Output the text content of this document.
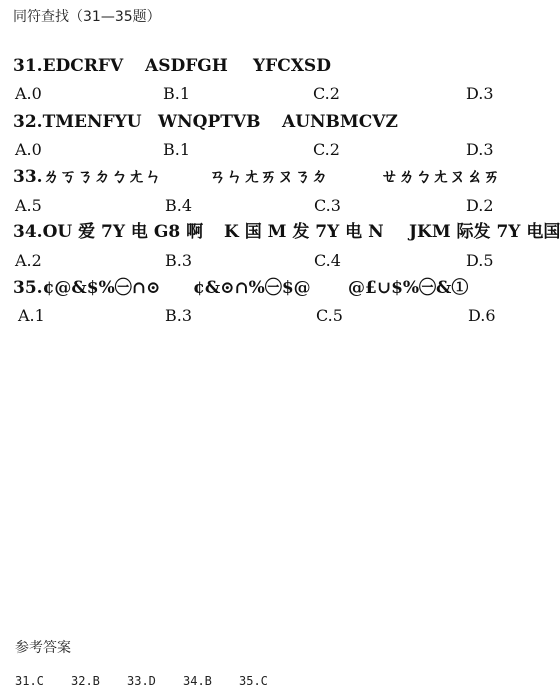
同符查找（31—35题）
31.EDCRFV ASDFGH YFCXSD
A.0	B.1	C.2	D.3
32.TMENFYU WNQPTVB AUNBMCVZ
A.0	B.1	C.2	D.3
33.ㄌㄎㄋㄉㄅㄤㄣ	ㄢㄣㄤㄞㄡㄋㄉ	ㄝㄌㄅㄤㄡㄠㄞ
A.5	B.4	C.3	D.2
34.OU 爱 7Y 电 G8 啊 K 国 M 发 7Y 电 N JKM 际发 7Y 电国
A.2	B.3	C.4	D.5
35.¢@&$%㊀∩⊙ ¢&⊙∩%㊀$@ @£∪$%㊀&①
A.1	B.3	C.5	D.6
参考答案
31.C 32.B 33.D 34.B 35.C
